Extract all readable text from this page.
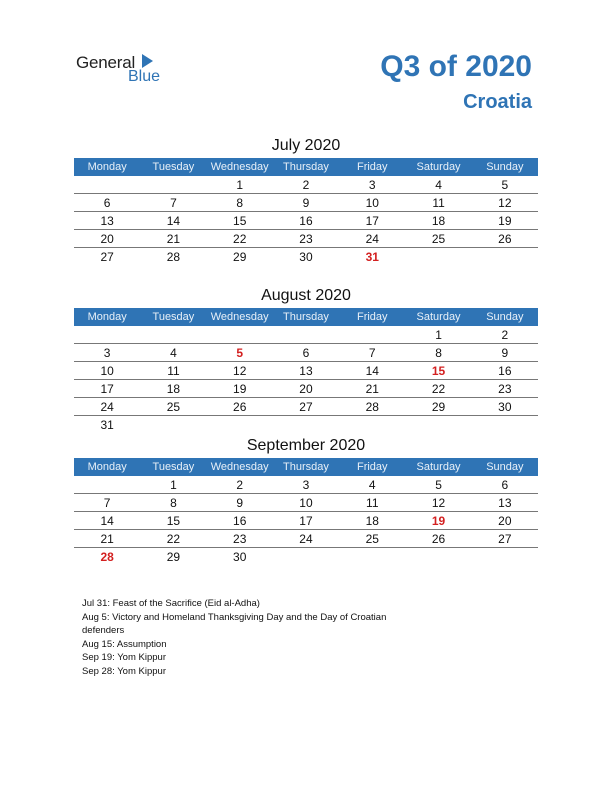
General
Blue	Q3 of 2020
Croatia
July 2020
Monday	Tuesday	Wednesday	Thursday	Friday	Saturday	Sunday
		1	2	3	4	5
6	7	8	9	10	11	12
13	14	15	16	17	18	19
20	21	22	23	24	25	26
27	28	29	30	31		
August 2020
Monday	Tuesday	Wednesday	Thursday	Friday	Saturday	Sunday
					1	2
3	4	5	6	7	8	9
10	11	12	13	14	15	16
17	18	19	20	21	22	23
24	25	26	27	28	29	30
31						
September 2020
Monday	Tuesday	Wednesday	Thursday	Friday	Saturday	Sunday
	1	2	3	4	5	6
7	8	9	10	11	12	13
14	15	16	17	18	19	20
21	22	23	24	25	26	27
28	29	30				
Jul 31: Feast of the Sacrifice (Eid al-Adha)
Aug 5: Victory and Homeland Thanksgiving Day and the Day of Croatian defenders
Aug 15: Assumption
Sep 19: Yom Kippur
Sep 28: Yom Kippur
